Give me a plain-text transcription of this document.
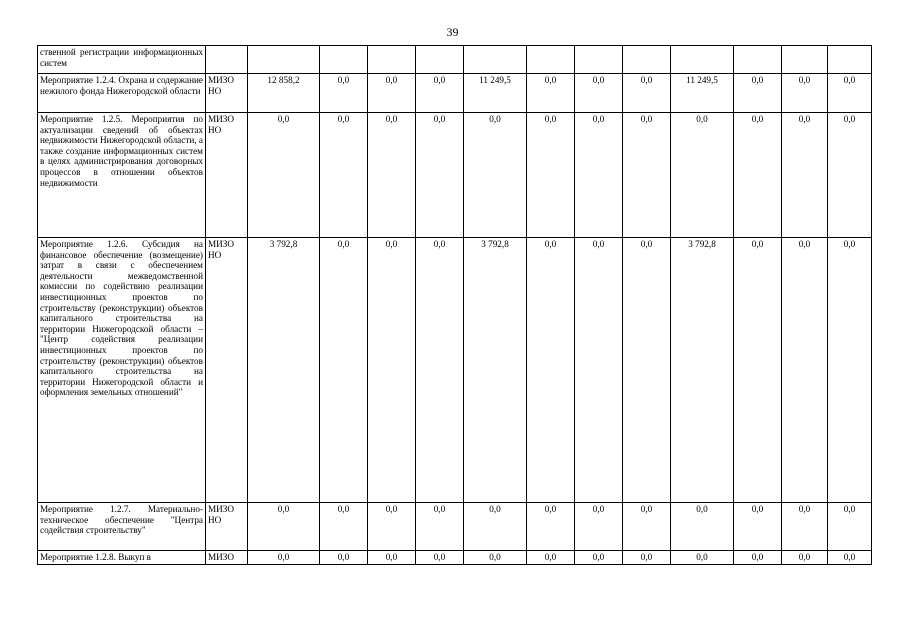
39
ственной регистрации информационных систем													
Мероприятие 1.2.4. Охрана и содержание нежилого фонда Нижегородской области	МИЗО НО	12 858,2	0,0	0,0	0,0	11 249,5	0,0	0,0	0,0	11 249,5	0,0	0,0	0,0
Мероприятие 1.2.5. Мероприятия по актуализации сведений об объектах недвижимости Нижегородской области, а также создание информационных систем в целях администрирования договорных процессов в отношении объектов недвижимости	МИЗО НО	0,0	0,0	0,0	0,0	0,0	0,0	0,0	0,0	0,0	0,0	0,0	0,0
Мероприятие 1.2.6. Субсидия на финансовое обеспечение (возмещение) затрат в связи с обеспечением деятельности межведомственной комиссии по содействию реализации инвестиционных проектов по строительству (реконструкции) объектов капитального строительства на территории Нижегородской области – "Центр содействия реализации инвестиционных проектов по строительству (реконструкции) объектов капитального строительства на территории Нижегородской области и оформления земельных отношений"	МИЗО НО	3 792,8	0,0	0,0	0,0	3 792,8	0,0	0,0	0,0	3 792,8	0,0	0,0	0,0
Мероприятие 1.2.7. Материально-техническое обеспечение "Центра содействия строительству"	МИЗО НО	0,0	0,0	0,0	0,0	0,0	0,0	0,0	0,0	0,0	0,0	0,0	0,0
Мероприятие 1.2.8. Выкуп в	МИЗО	0,0	0,0	0,0	0,0	0,0	0,0	0,0	0,0	0,0	0,0	0,0	0,0
